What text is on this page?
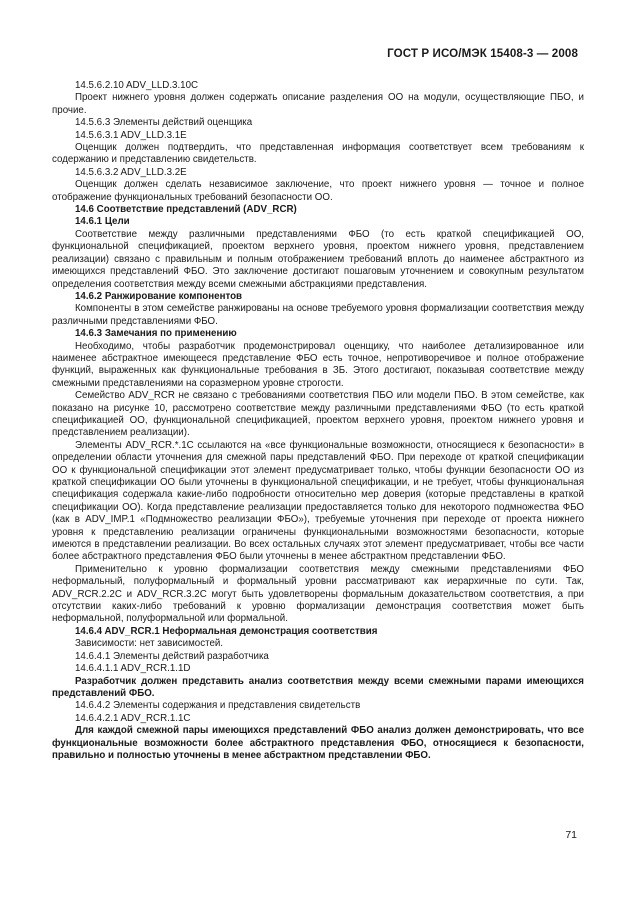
ГОСТ Р ИСО/МЭК 15408-3 — 2008

14.5.6.2.10 ADV_LLD.3.10C

Проект нижнего уровня должен содержать описание разделения ОО на модули, осуществляющие ПБО, и прочие.

14.5.6.3 Элементы действий оценщика

14.5.6.3.1 ADV_LLD.3.1E

Оценщик должен подтвердить, что представленная информация соответствует всем требованиям к содержанию и представлению свидетельств.

14.5.6.3.2 ADV_LLD.3.2E

Оценщик должен сделать независимое заключение, что проект нижнего уровня — точное и полное отображение функциональных требований безопасности ОО.

14.6 Соответствие представлений (ADV_RCR)

14.6.1 Цели

Соответствие между различными представлениями ФБО (то есть краткой спецификацией ОО, функциональной спецификацией, проектом верхнего уровня, проектом нижнего уровня, представлением реализации) связано с правильным и полным отображением требований вплоть до наименее абстрактного из имеющихся представлений ФБО. Это заключение достигают пошаговым уточнением и совокупным результатом определения соответствия между всеми смежными абстракциями представления.

14.6.2 Ранжирование компонентов

Компоненты в этом семействе ранжированы на основе требуемого уровня формализации соответствия между различными представлениями ФБО.

14.6.3 Замечания по применению

Необходимо, чтобы разработчик продемонстрировал оценщику, что наиболее детализированное или наименее абстрактное имеющееся представление ФБО есть точное, непротиворечивое и полное отображение функций, выраженных как функциональные требования в ЗБ. Этого достигают, показывая соответствие между смежными представлениями на соразмерном уровне строгости.

Семейство ADV_RCR не связано с требованиями соответствия ПБО или модели ПБО. В этом семействе, как показано на рисунке 10, рассмотрено соответствие между различными представлениями ФБО (то есть краткой спецификацией ОО, функциональной спецификацией, проектом верхнего уровня, проектом нижнего уровня и представлением реализации).

Элементы ADV_RCR.*.1C ссылаются на «все функциональные возможности, относящиеся к безопасности» в определении области уточнения для смежной пары представлений ФБО. При переходе от краткой спецификации ОО к функциональной спецификации этот элемент предусматривает только, чтобы функции безопасности ОО из краткой спецификации ОО были уточнены в функциональной спецификации, и не требует, чтобы функциональная спецификация содержала какие-либо подробности относительно мер доверия (которые представлены в краткой спецификации ОО). Когда представление реализации предоставляется только для некоторого подмножества ФБО (как в ADV_IMP.1 «Подмножество реализации ФБО»), требуемые уточнения при переходе от проекта нижнего уровня к представлению реализации ограничены функциональными возможностями безопасности, которые имеются в представлении реализации. Во всех остальных случаях этот элемент предусматривает, чтобы все части более абстрактного представления ФБО были уточнены в менее абстрактном представлении ФБО.

Применительно к уровню формализации соответствия между смежными представлениями ФБО неформальный, полуформальный и формальный уровни рассматривают как иерархичные по сути. Так, ADV_RCR.2.2C и ADV_RCR.3.2C могут быть удовлетворены формальным доказательством соответствия, а при отсутствии каких-либо требований к уровню формализации демонстрация соответствия может быть неформальной, полуформальной или формальной.

14.6.4 ADV_RCR.1 Неформальная демонстрация соответствия

Зависимости: нет зависимостей.

14.6.4.1 Элементы действий разработчика

14.6.4.1.1 ADV_RCR.1.1D

Разработчик должен представить анализ соответствия между всеми смежными парами имеющихся представлений ФБО.

14.6.4.2 Элементы содержания и представления свидетельств

14.6.4.2.1 ADV_RCR.1.1C

Для каждой смежной пары имеющихся представлений ФБО анализ должен демонстрировать, что все функциональные возможности более абстрактного представления ФБО, относящиеся к безопасности, правильно и полностью уточнены в менее абстрактном представлении ФБО.

71
